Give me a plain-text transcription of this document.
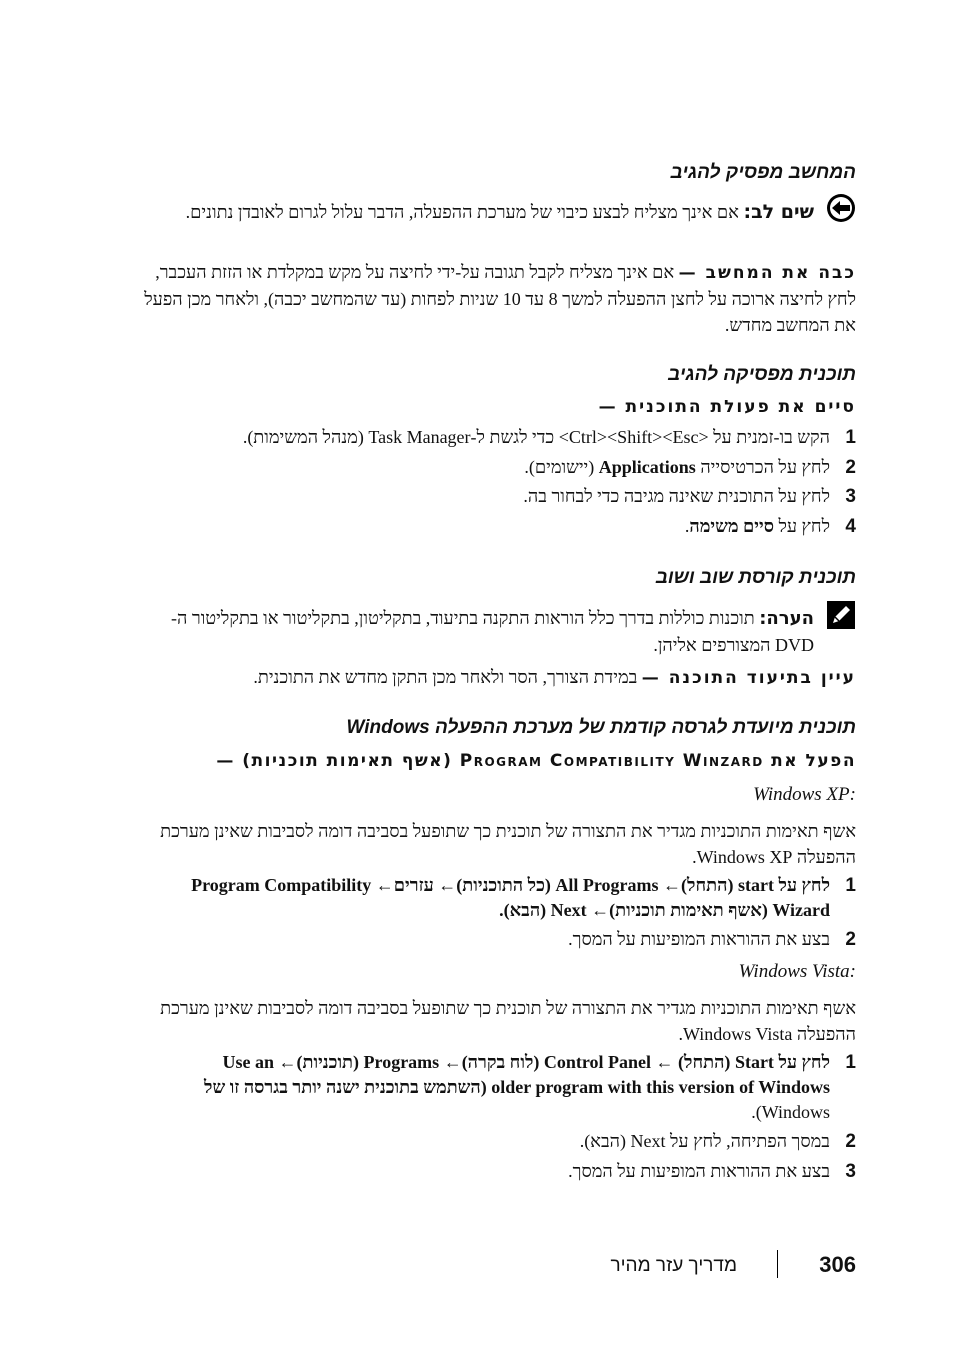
המחשב מפסיק להגיב
שים לב: אם אינך מצליח לבצע כיבוי של מערכת ההפעלה, הדבר עלול לגרום לאובדן נתונים.
כבה את המחשב — אם אינך מצליח לקבל תגובה על-ידי לחיצה על מקש במקלדת או הזזת העכבר, לחץ לחיצה ארוכה על לחצן ההפעלה למשך 8 עד 10 שניות לפחות (עד שהמחשב יכבה), ולאחר מכן הפעל את המחשב מחדש.
תוכנית מפסיקה להגיב
סיים את פעולת התוכנית —
1הקש בו-זמנית על <Ctrl><Shift><Esc> כדי לגשת ל-Task Manager (מנהל המשימות).
2לחץ על הכרטיסייה Applications (יישומים).
3לחץ על התוכנית שאינה מגיבה כדי לבחור בה.
4לחץ על סיים משימה.
תוכנית קורסת שוב ושוב
הערה: תוכנות כוללות בדרך כלל הוראות התקנה בתיעוד, בתקליטון, בתקליטור או בתקליטור ה-DVD המצורפים אליהן.
עיין בתיעוד התוכנה — במידת הצורך, הסר ולאחר מכן התקן מחדש את התוכנית.
תוכנית מיועדת לגרסה קודמת של מערכת ההפעלה Windows
הפעל את Program Compatibility Winzard (אשף תאימות תוכניות) —
:Windows XP
אשף תאימות התוכניות מגדיר את התצורה של תוכנית כך שתופעל בסביבה דומה לסביבות שאינן מערכת ההפעלה Windows XP.
1לחץ על start (התחל)← All Programs (כל התוכניות)← עזרים← Program Compatibility
Wizard (אשף תאימות תוכניות)← Next (הבא).
2בצע את ההוראות המופיעות על המסך.
:Windows Vista
אשף תאימות התוכניות מגדיר את התצורה של תוכנית כך שתופעל בסביבה דומה לסביבות שאינן מערכת ההפעלה Windows Vista.
1לחץ על Start (התחל) ← Control Panel (לוח בקרה)← Programs (תוכניות)← Use an
older program with this version of Windows (השתמש בתוכנית ישנה יותר בגרסה זו של
Windows).
2במסך הפתיחה, לחץ על Next (הבא).
3בצע את ההוראות המופיעות על המסך.
306
מדריך עזר מהיר
